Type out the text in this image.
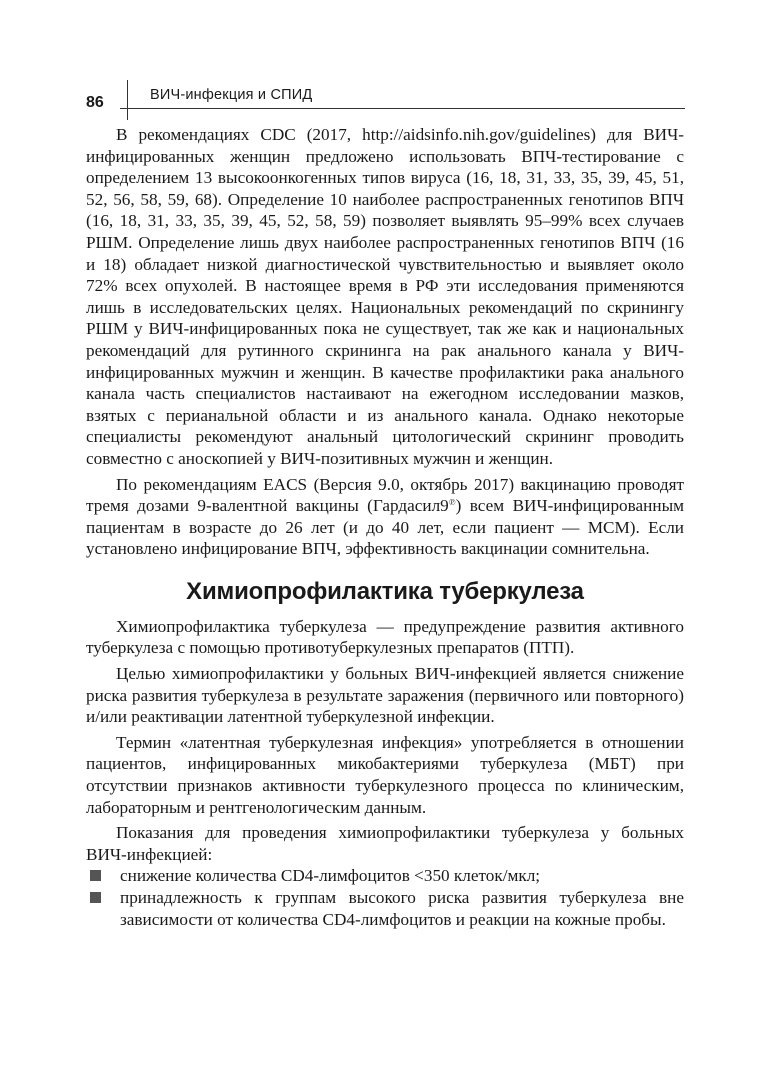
86	ВИЧ-инфекция и СПИД

В рекомендациях CDC (2017, http://aidsinfo.nih.gov/guidelines) для ВИЧ-инфицированных женщин предложено использовать ВПЧ-тестирование с определением 13 высокоонкогенных типов вируса (16, 18, 31, 33, 35, 39, 45, 51, 52, 56, 58, 59, 68). Определение 10 наиболее распространенных генотипов ВПЧ (16, 18, 31, 33, 35, 39, 45, 52, 58, 59) позволяет выявлять 95–99% всех случаев РШМ. Определение лишь двух наиболее распространенных генотипов ВПЧ (16 и 18) обладает низкой диагностической чувствительностью и выявляет около 72% всех опухолей. В настоящее время в РФ эти исследования применяются лишь в исследовательских целях. Национальных рекомендаций по скринингу РШМ у ВИЧ-инфицированных пока не существует, так же как и национальных рекомендаций для рутинного скрининга на рак анального канала у ВИЧ-инфицированных мужчин и женщин. В качестве профилактики рака анального канала часть специалистов настаивают на ежегодном исследовании мазков, взятых с перианальной области и из анального канала. Однако некоторые специалисты рекомендуют анальный цитологический скрининг проводить совместно с аноскопией у ВИЧ-позитивных мужчин и женщин.

По рекомендациям EACS (Версия 9.0, октябрь 2017) вакцинацию проводят тремя дозами 9-валентной вакцины (Гардасил9℗) всем ВИЧ-инфицированным пациентам в возрасте до 26 лет (и до 40 лет, если пациент — МСМ). Если установлено инфицирование ВПЧ, эффективность вакцинации сомнительна.

Химиопрофилактика туберкулеза

Химиопрофилактика туберкулеза — предупреждение развития активного туберкулеза с помощью противотуберкулезных препаратов (ПТП).

Целью химиопрофилактики у больных ВИЧ-инфекцией является снижение риска развития туберкулеза в результате заражения (первичного или повторного) и/или реактивации латентной туберкулезной инфекции.

Термин «латентная туберкулезная инфекция» употребляется в отношении пациентов, инфицированных микобактериями туберкулеза (МБТ) при отсутствии признаков активности туберкулезного процесса по клиническим, лабораторным и рентгенологическим данным.

Показания для проведения химиопрофилактики туберкулеза у больных ВИЧ-инфекцией:

снижение количества CD4-лимфоцитов <350 клеток/мкл;
принадлежность к группам высокого риска развития туберкулеза вне зависимости от количества CD4-лимфоцитов и реакции на кожные пробы.
